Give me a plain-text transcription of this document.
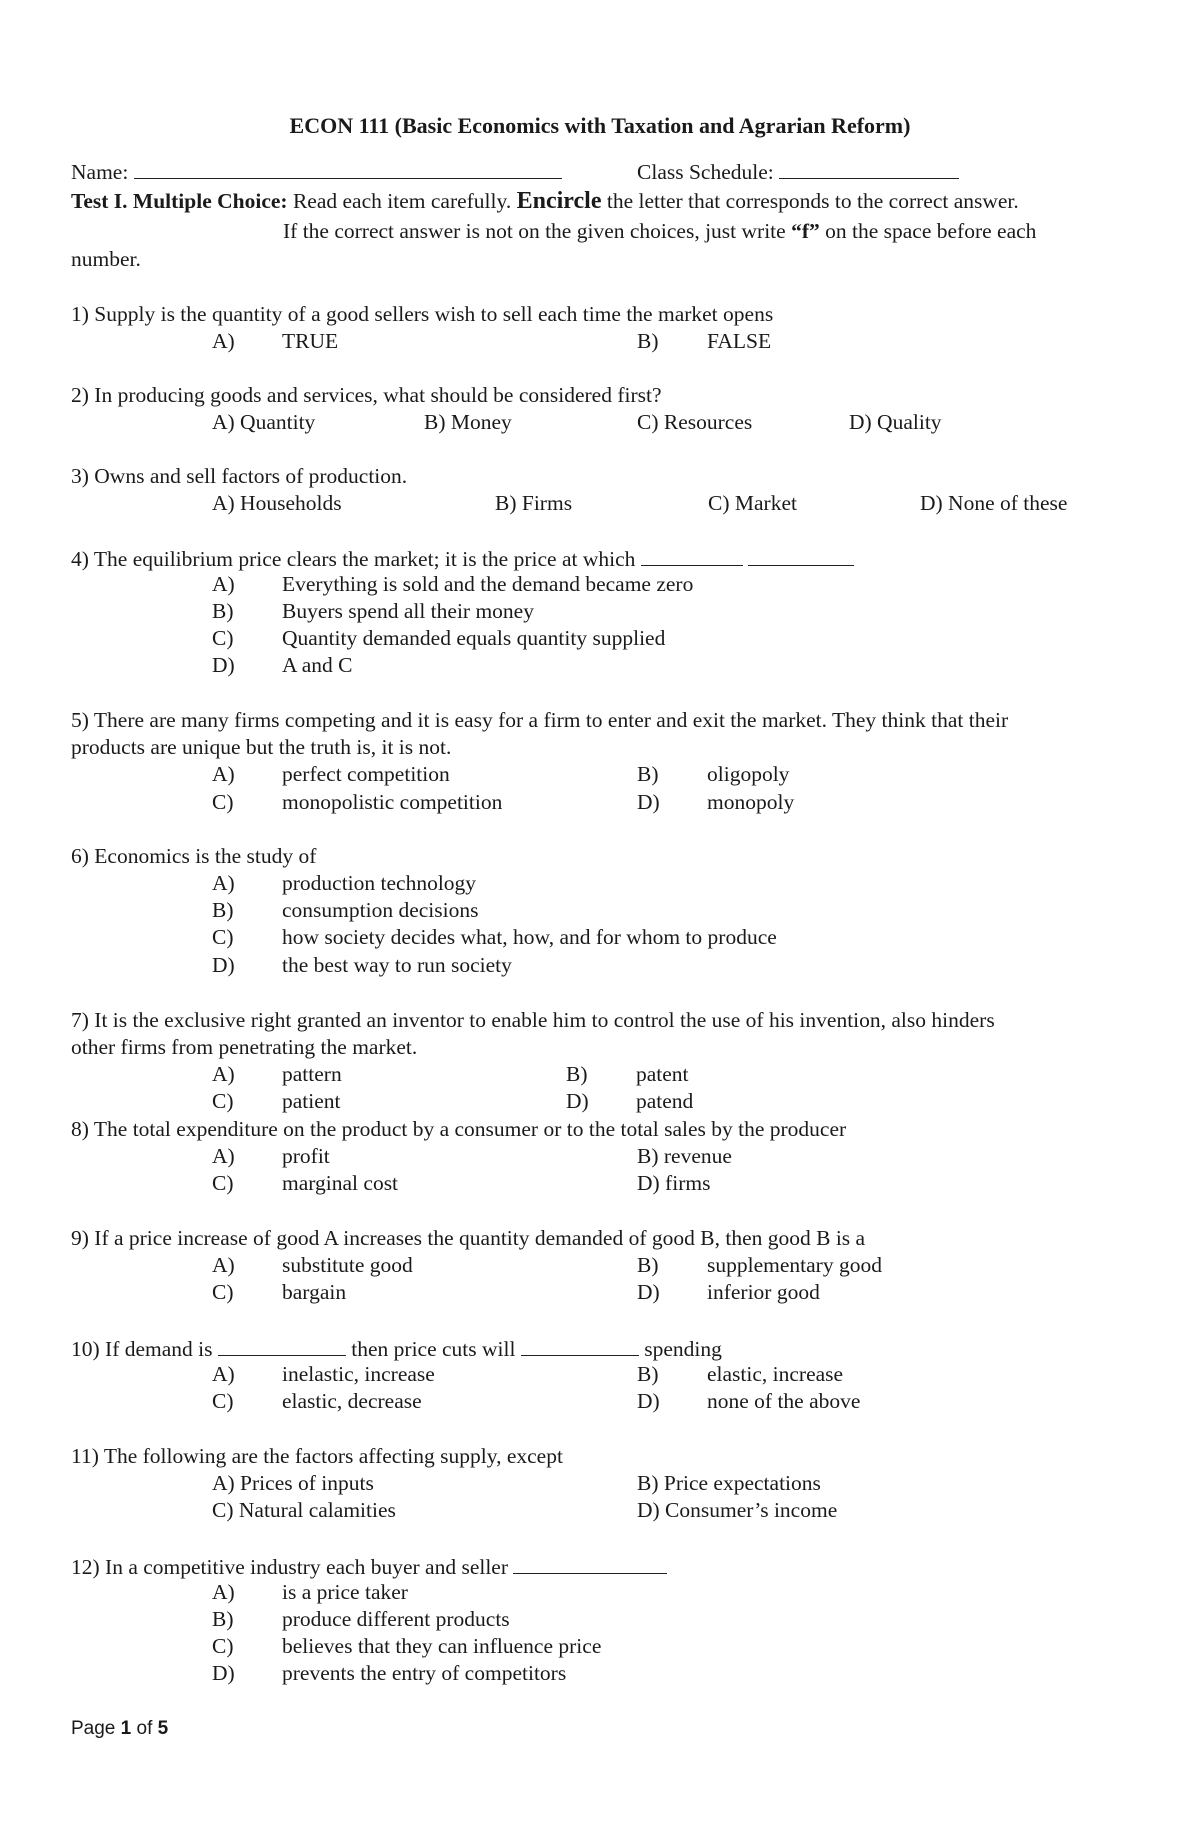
ECON 111 (Basic Economics with Taxation and Agrarian Reform)
Name:	Class Schedule:
Test I. Multiple Choice: Read each item carefully. Encircle the letter that corresponds to the correct answer.
If the correct answer is not on the given choices, just write “f” on the space before each
number.
1) Supply is the quantity of a good sellers wish to sell each time the market opens
A) TRUE	B) FALSE
2) In producing goods and services, what should be considered first?
A) Quantity	B) Money	C) Resources	D) Quality
3) Owns and sell factors of production.
A) Households	B) Firms	C) Market	D) None of these
4) The equilibrium price clears the market; it is the price at which
A) Everything is sold and the demand became zero
B) Buyers spend all their money
C) Quantity demanded equals quantity supplied
D) A and C
5) There are many firms competing and it is easy for a firm to enter and exit the market. They think that their
products are unique but the truth is, it is not.
A) perfect competition	B) oligopoly
C) monopolistic competition	D) monopoly
6) Economics is the study of
A) production technology
B) consumption decisions
C) how society decides what, how, and for whom to produce
D) the best way to run society
7) It is the exclusive right granted an inventor to enable him to control the use of his invention, also hinders
other firms from penetrating the market.
A) pattern	B) patent
C) patient	D) patend
8) The total expenditure on the product by a consumer or to the total sales by the producer
A) profit	B) revenue
C) marginal cost	D) firms
9) If a price increase of good A increases the quantity demanded of good B, then good B is a
A) substitute good	B) supplementary good
C) bargain	D) inferior good
10) If demand is	then price cuts will	spending
A) inelastic, increase	B) elastic, increase
C) elastic, decrease	D) none of the above
11) The following are the factors affecting supply, except
A) Prices of inputs	B) Price expectations
C) Natural calamities	D) Consumer’s income
12) In a competitive industry each buyer and seller
A) is a price taker
B) produce different products
C) believes that they can influence price
D) prevents the entry of competitors
Page 1 of 5
